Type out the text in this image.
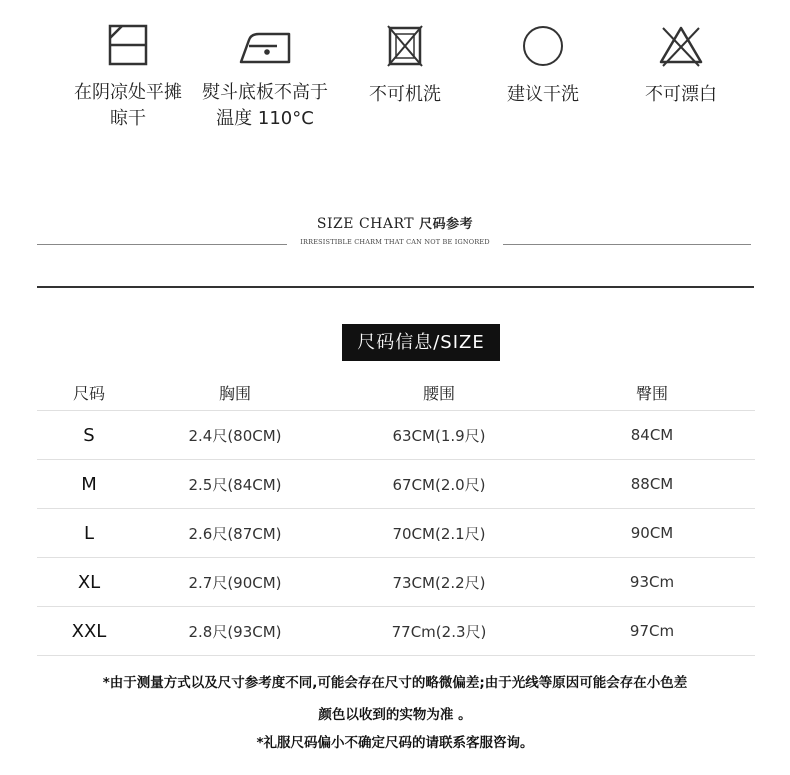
在阴凉处平摊
晾干
熨斗底板不高于
温度 110°C
不可机洗	建议干洗	不可漂白
SIZE CHART 尺码参考
IRRESISTIBLE CHARM THAT CAN NOT BE IGNORED
尺码信息/SIZE
尺码	胸围	腰围	臀围
S	2.4尺(80CM)	63CM(1.9尺)	84CM
M	2.5尺(84CM)	67CM(2.0尺)	88CM
L	2.6尺(87CM)	70CM(2.1尺)	90CM
XL	2.7尺(90CM)	73CM(2.2尺)	93Cm
XXL	2.8尺(93CM)	77Cm(2.3尺)	97Cm
*由于测量方式以及尺寸参考度不同,可能会存在尺寸的略微偏差;由于光线等原因可能会存在小色差
颜色以收到的实物为准 。
*礼服尺码偏小不确定尺码的请联系客服咨询。
